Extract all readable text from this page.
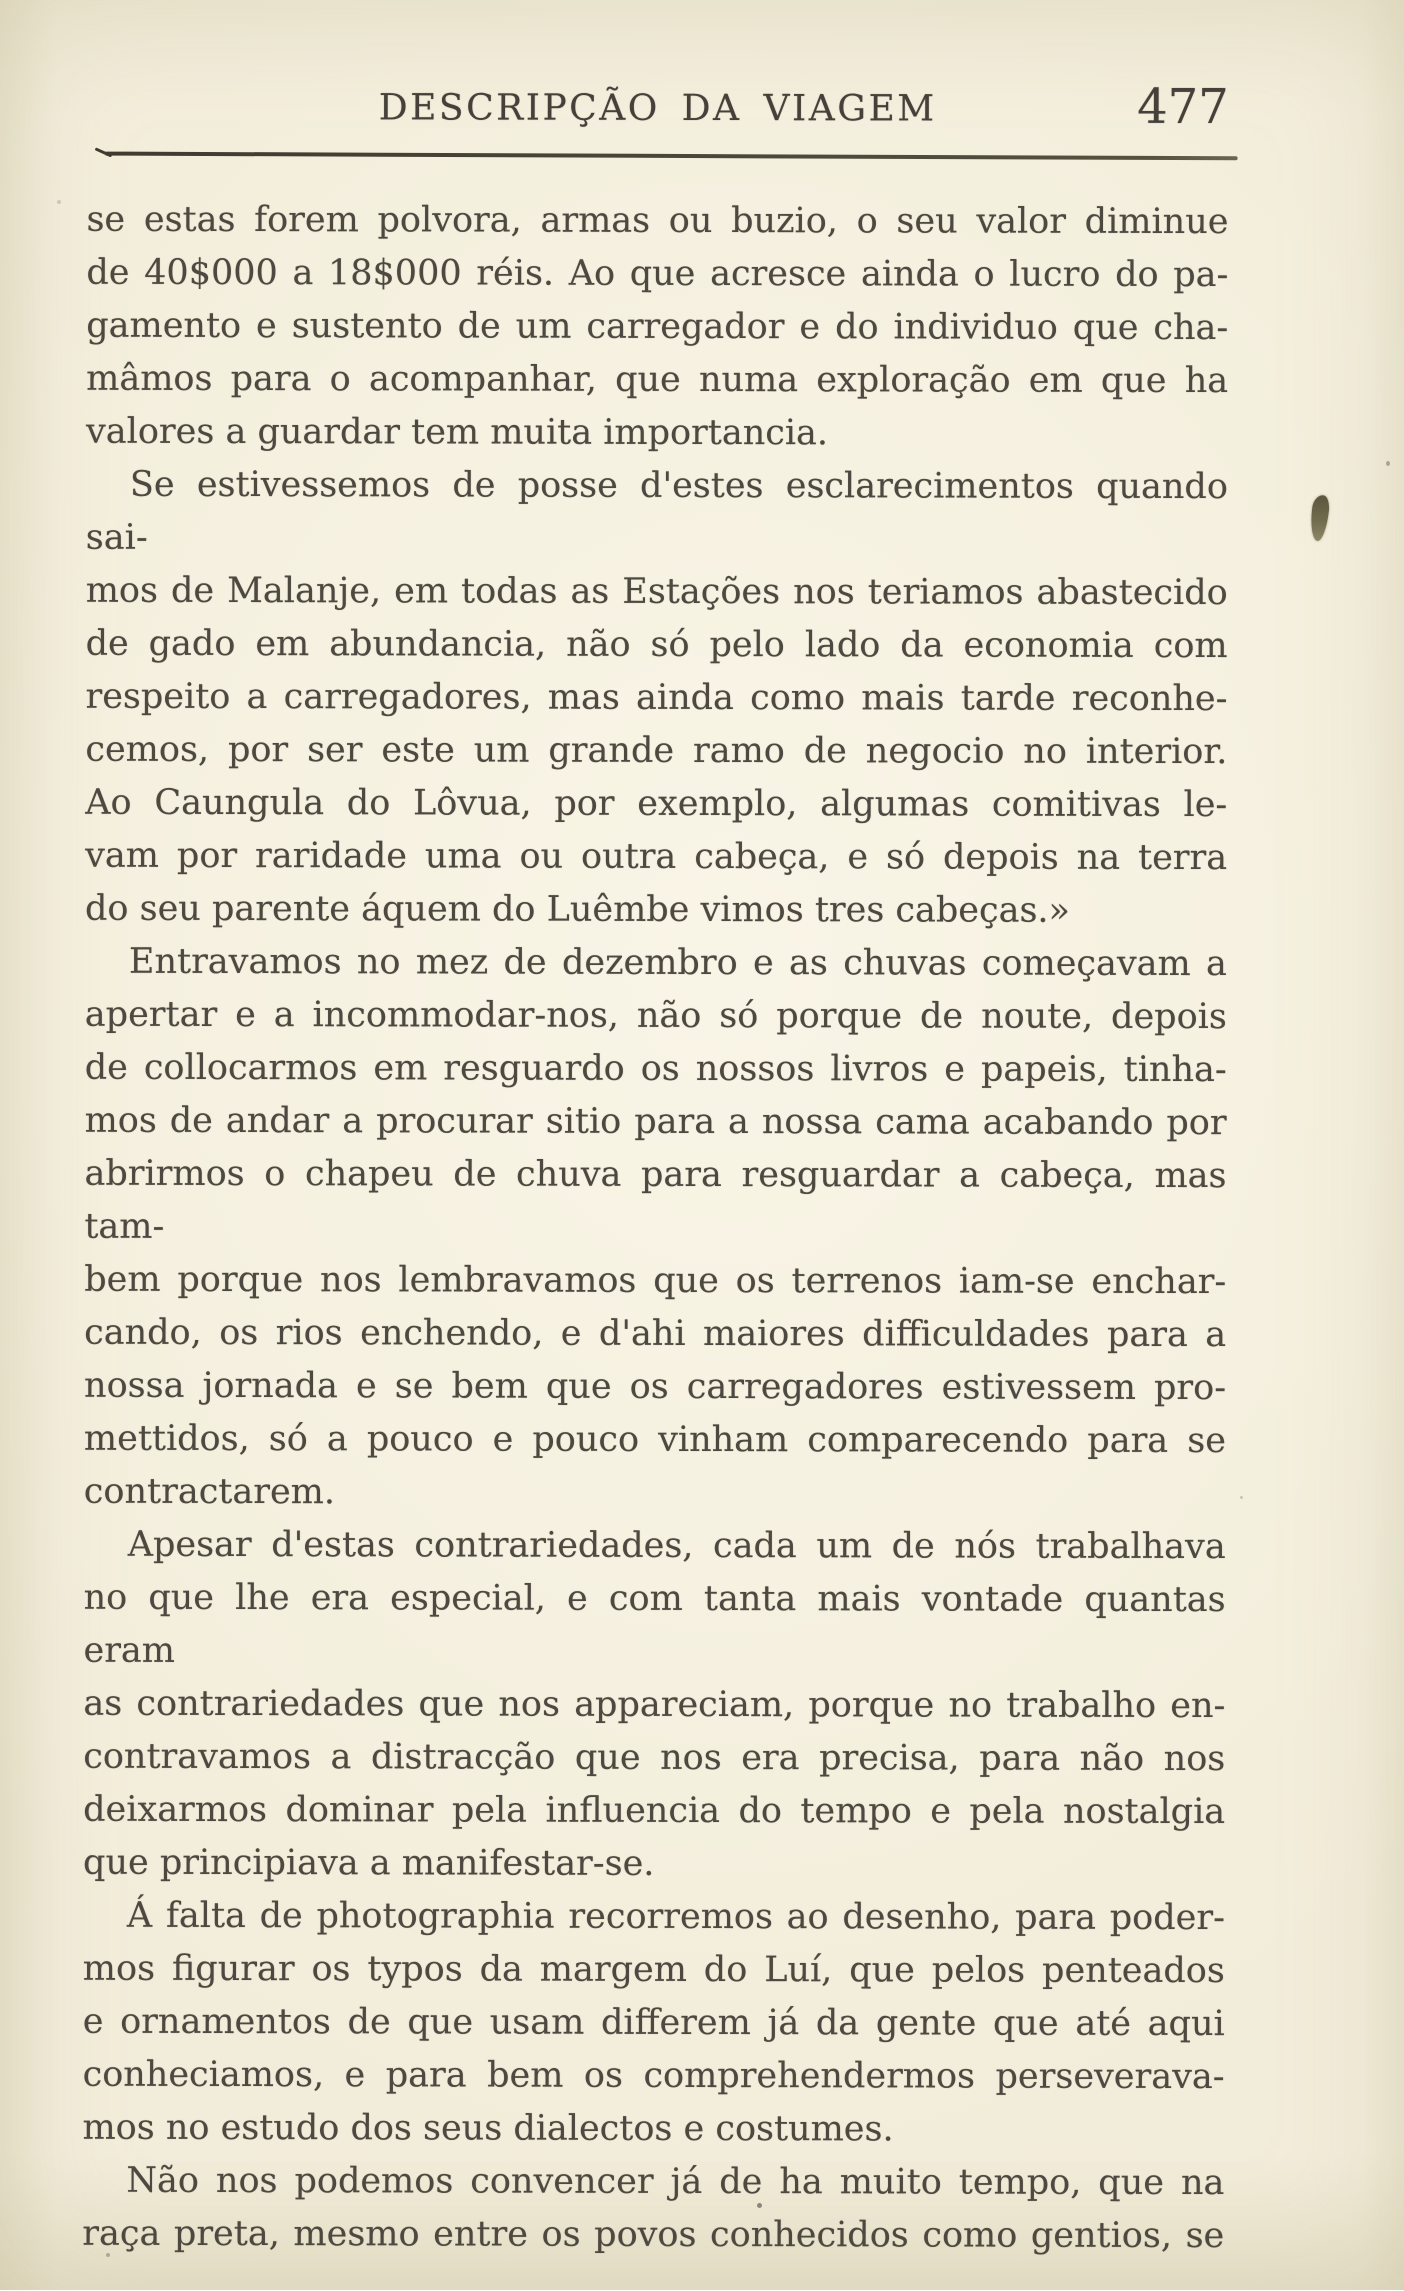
DESCRIPÇÃO DA VIAGEM	477
se estas forem polvora, armas ou buzio, o seu valor diminue
de 40$000 a 18$000 réis. Ao que acresce ainda o lucro do pa-
gamento e sustento de um carregador e do individuo que cha-
mâmos para o acompanhar, que numa exploração em que ha
valores a guardar tem muita importancia.
Se estivessemos de posse d'estes esclarecimentos quando sai-
mos de Malanje, em todas as Estações nos teriamos abastecido
de gado em abundancia, não só pelo lado da economia com
respeito a carregadores, mas ainda como mais tarde reconhe-
cemos, por ser este um grande ramo de negocio no interior.
Ao Caungula do Lôvua, por exemplo, algumas comitivas le-
vam por raridade uma ou outra cabeça, e só depois na terra
do seu parente áquem do Luêmbe vimos tres cabeças.»
Entravamos no mez de dezembro e as chuvas começavam a
apertar e a incommodar-nos, não só porque de noute, depois
de collocarmos em resguardo os nossos livros e papeis, tinha-
mos de andar a procurar sitio para a nossa cama acabando por
abrirmos o chapeu de chuva para resguardar a cabeça, mas tam-
bem porque nos lembravamos que os terrenos iam-se enchar-
cando, os rios enchendo, e d'ahi maiores difficuldades para a
nossa jornada e se bem que os carregadores estivessem pro-
mettidos, só a pouco e pouco vinham comparecendo para se
contractarem.
Apesar d'estas contrariedades, cada um de nós trabalhava
no que lhe era especial, e com tanta mais vontade quantas eram
as contrariedades que nos appareciam, porque no trabalho en-
contravamos a distracção que nos era precisa, para não nos
deixarmos dominar pela influencia do tempo e pela nostalgia
que principiava a manifestar-se.
Á falta de photographia recorremos ao desenho, para poder-
mos figurar os typos da margem do Luí, que pelos penteados
e ornamentos de que usam differem já da gente que até aqui
conheciamos, e para bem os comprehendermos perseverava-
mos no estudo dos seus dialectos e costumes.
Não nos podemos convencer já de ha muito tempo, que na
raça preta, mesmo entre os povos conhecidos como gentios, se
